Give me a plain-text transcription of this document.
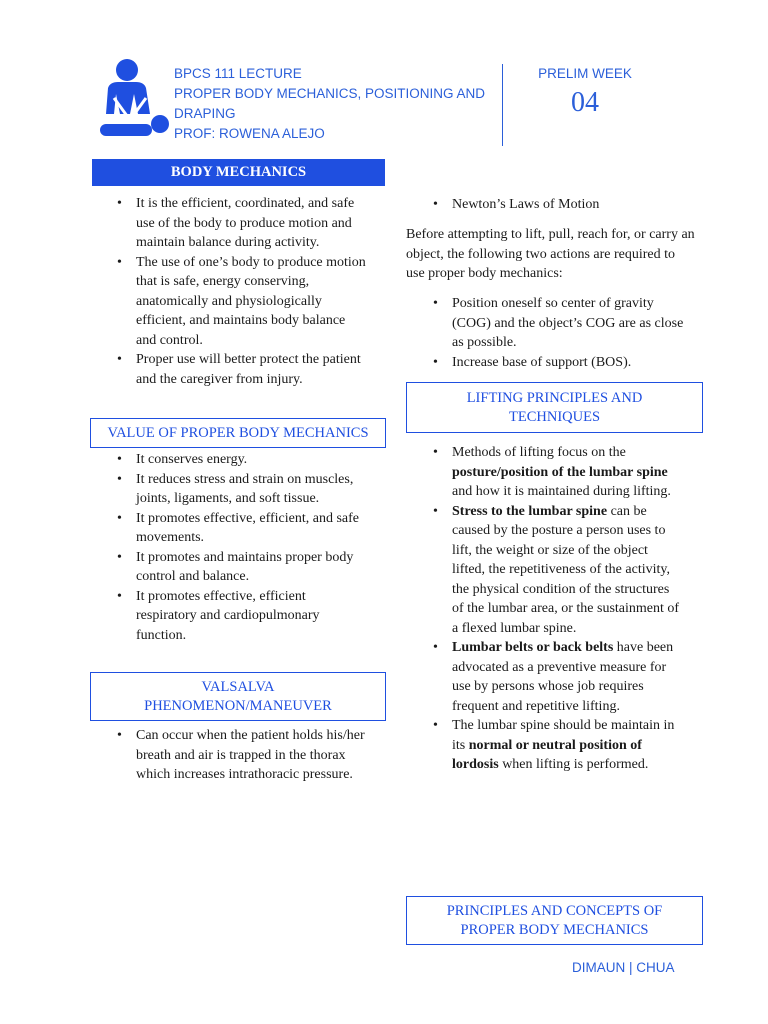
BPCS 111 LECTURE
PROPER BODY MECHANICS, POSITIONING AND DRAPING
PROF: ROWENA ALEJO
PRELIM WEEK
04
BODY MECHANICS
• It is the efficient, coordinated, and safe use of the body to produce motion and maintain balance during activity.
• The use of one’s body to produce motion that is safe, energy conserving, anatomically and physiologically efficient, and maintains body balance and control.
• Proper use will better protect the patient and the caregiver from injury.
VALUE OF PROPER BODY MECHANICS
• It conserves energy.
• It reduces stress and strain on muscles, joints, ligaments, and soft tissue.
• It promotes effective, efficient, and safe movements.
• It promotes and maintains proper body control and balance.
• It promotes effective, efficient respiratory and cardiopulmonary function.
VALSALVA PHENOMENON/MANEUVER
• Can occur when the patient holds his/her breath and air is trapped in the thorax which increases intrathoracic pressure.
• Newton’s Laws of Motion
Before attempting to lift, pull, reach for, or carry an object, the following two actions are required to use proper body mechanics:
• Position oneself so center of gravity (COG) and the object’s COG are as close as possible.
• Increase base of support (BOS).
LIFTING PRINCIPLES AND TECHNIQUES
• Methods of lifting focus on the posture/position of the lumbar spine and how it is maintained during lifting.
• Stress to the lumbar spine can be caused by the posture a person uses to lift, the weight or size of the object lifted, the repetitiveness of the activity, the physical condition of the structures of the lumbar area, or the sustainment of a flexed lumbar spine.
• Lumbar belts or back belts have been advocated as a preventive measure for use by persons whose job requires frequent and repetitive lifting.
• The lumbar spine should be maintain in its normal or neutral position of lordosis when lifting is performed.
PRINCIPLES AND CONCEPTS OF PROPER BODY MECHANICS
DIMAUN | CHUA
